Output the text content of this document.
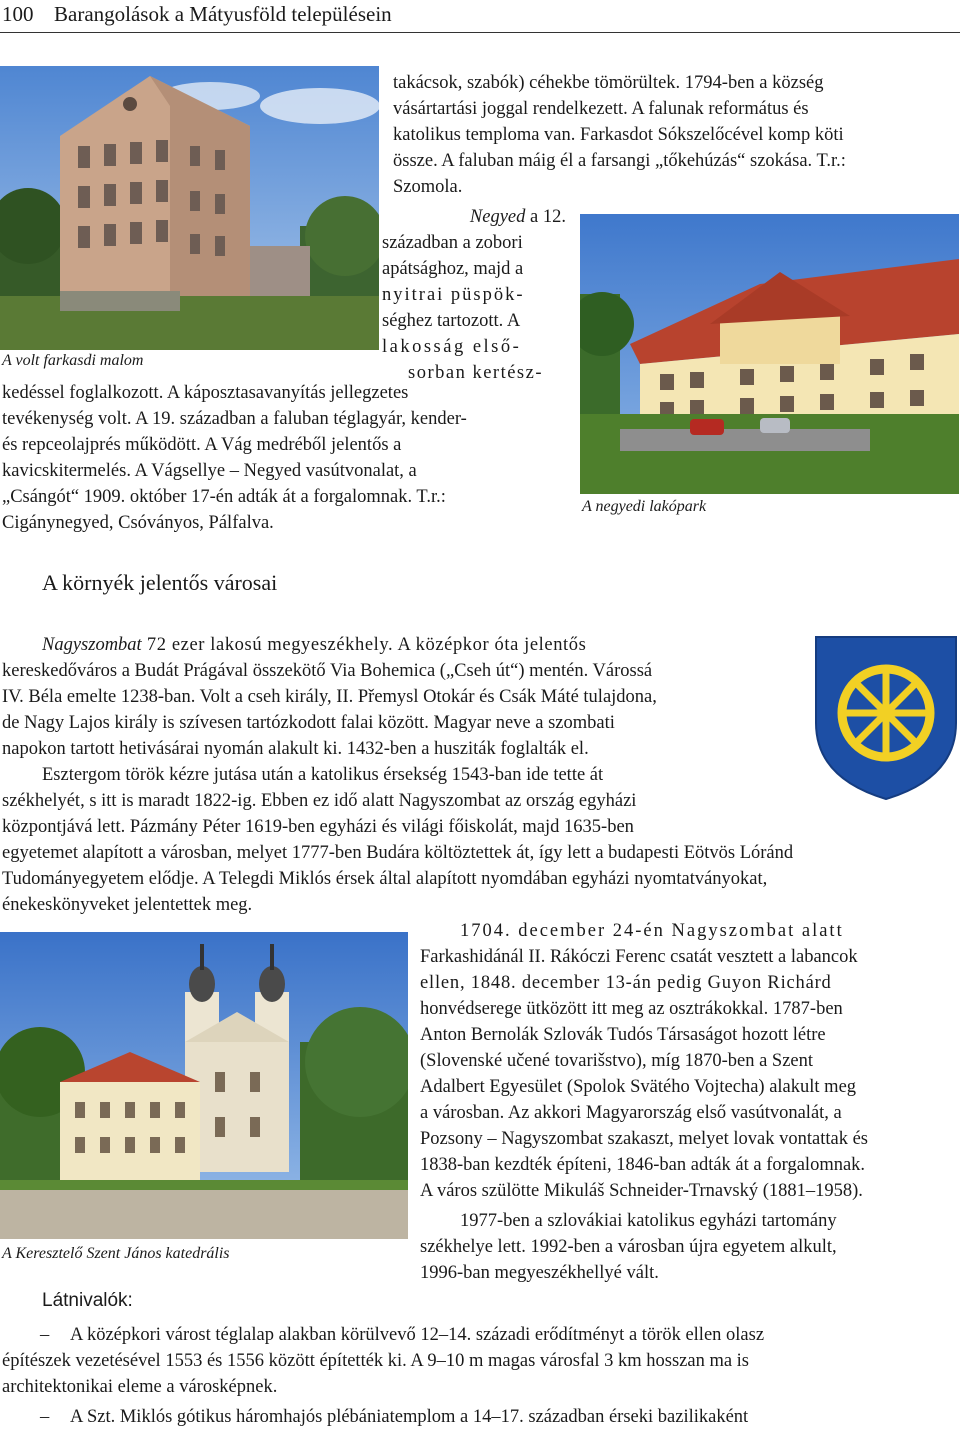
100 Barangolások a Mátyusföld településein
A volt farkasdi malom
A negyedi lakópark
takácsok, szabók) céhekbe tömörültek. 1794-ben a község
vásártartási joggal rendelkezett. A falunak református és
katolikus temploma van. Farkasdot Sókszelőcével komp köti
össze. A faluban máig él a farsangi „tőkehúzás“ szokása. T.r.:
Szomola.
Negyed a 12.
században a zobori
apátsághoz, majd a
nyitrai püspök-
séghez tartozott. A
lakosság első-
sorban kertész-
kedéssel foglalkozott. A káposztasavanyítás jellegzetes
tevékenység volt. A 19. században a faluban téglagyár, kender-
és repceolajprés működött. A Vág medréből jelentős a
kavicskitermelés. A Vágsellye – Negyed vasútvonalat, a
„Csángót“ 1909. október 17-én adták át a forgalomnak. T.r.:
Cigánynegyed, Csóványos, Pálfalva.
A környék jelentős városai
Nagyszombat 72 ezer lakosú megyeszékhely. A középkor óta jelentős
kereskedőváros a Budát Prágával összekötő Via Bohemica („Cseh út“) mentén. Várossá
IV. Béla emelte 1238-ban. Volt a cseh király, II. Přemysl Otokár és Csák Máté tulajdona,
de Nagy Lajos király is szívesen tartózkodott falai között. Magyar neve a szombati
napokon tartott hetivásárai nyomán alakult ki. 1432-ben a husziták foglalták el.
Esztergom török kézre jutása után a katolikus érsekség 1543-ban ide tette át
székhelyét, s itt is maradt 1822-ig. Ebben ez idő alatt Nagyszombat az ország egyházi
központjává lett. Pázmány Péter 1619-ben egyházi és világi főiskolát, majd 1635-ben
egyetemet alapított a városban, melyet 1777-ben Budára költöztettek át, így lett a budapesti Eötvös Lóránd
Tudományegyetem elődje. A Telegdi Miklós érsek által alapított nyomdában egyházi nyomtatványokat,
énekeskönyveket jelentettek meg.
A Keresztelő Szent János katedrális
1704. december 24-én Nagyszombat alatt
Farkashidánál II. Rákóczi Ferenc csatát vesztett a labancok
ellen, 1848. december 13-án pedig Guyon Richárd
honvédserege ütközött itt meg az osztrákokkal. 1787-ben
Anton Bernolák Szlovák Tudós Társaságot hozott létre
(Slovenské učené tovarišstvo), míg 1870-ben a Szent
Adalbert Egyesület (Spolok Svätého Vojtecha) alakult meg
a városban. Az akkori Magyarország első vasútvonalát, a
Pozsony – Nagyszombat szakaszt, melyet lovak vontattak és
1838-ban kezdték építeni, 1846-ban adták át a forgalomnak.
A város szülötte Mikuláš Schneider-Trnavský (1881–1958).
1977-ben a szlovákiai katolikus egyházi tartomány
székhelye lett. 1992-ben a városban újra egyetem alkult,
1996-ban megyeszékhellyé vált.
Látnivalók:
– A középkori várost téglalap alakban körülvevő 12–14. századi erődítményt a török ellen olasz
építészek vezetésével 1553 és 1556 között építették ki. A 9–10 m magas városfal 3 km hosszan ma is
architektonikai eleme a városképnek.
– A Szt. Miklós gótikus háromhajós plébániatemplom a 14–17. században érseki bazilikaként
